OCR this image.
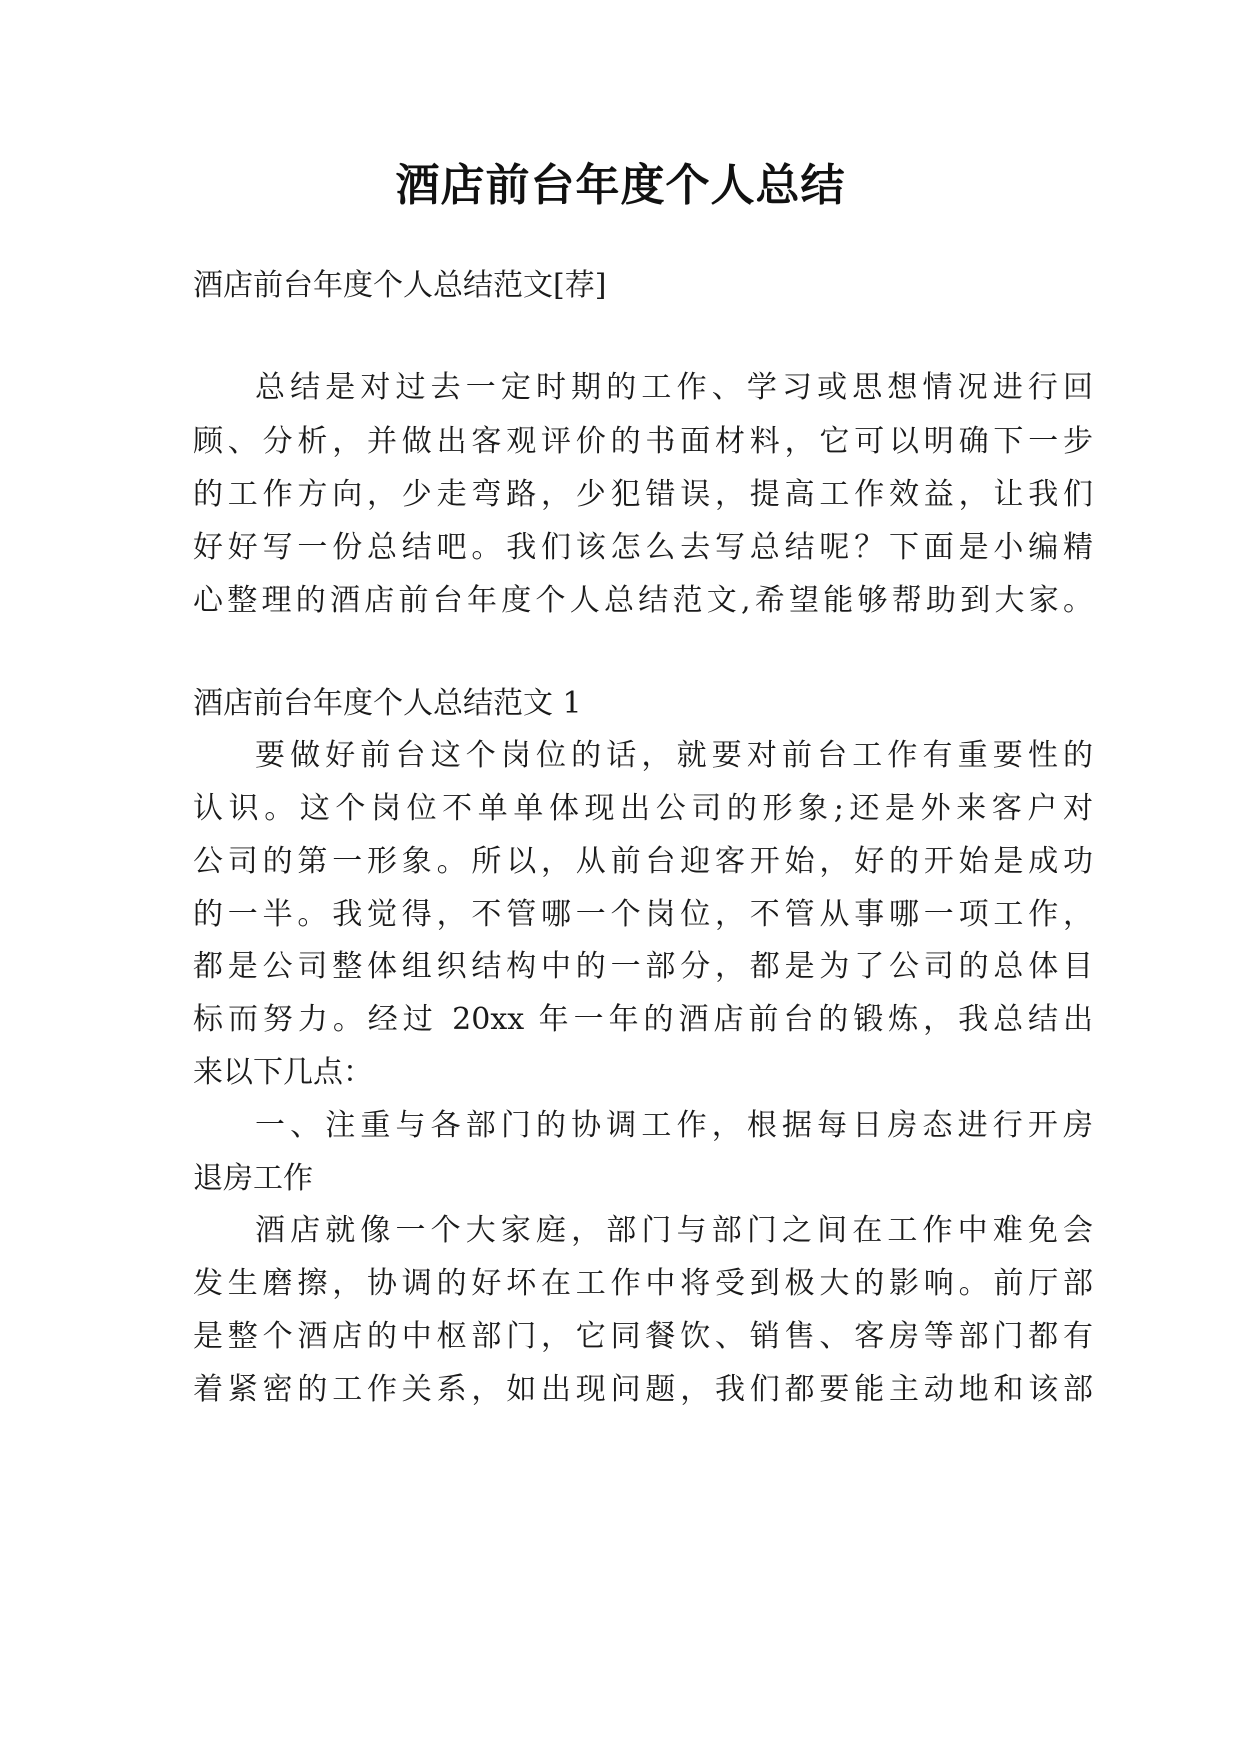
酒店前台年度个人总结
酒店前台年度个人总结范文[荐]
总结是对过去一定时期的工作、学习或思想情况进行回
顾、分析，并做出客观评价的书面材料，它可以明确下一步
的工作方向，少走弯路，少犯错误，提高工作效益，让我们
好好写一份总结吧。我们该怎么去写总结呢？下面是小编精
心整理的酒店前台年度个人总结范文,希望能够帮助到大家。
酒店前台年度个人总结范文 1
要做好前台这个岗位的话，就要对前台工作有重要性的
认识。这个岗位不单单体现出公司的形象;还是外来客户对
公司的第一形象。所以，从前台迎客开始，好的开始是成功
的一半。我觉得，不管哪一个岗位，不管从事哪一项工作，
都是公司整体组织结构中的一部分，都是为了公司的总体目
标而努力。经过 20xx 年一年的酒店前台的锻炼，我总结出
来以下几点：
一、注重与各部门的协调工作，根据每日房态进行开房
退房工作
酒店就像一个大家庭，部门与部门之间在工作中难免会
发生磨擦，协调的好坏在工作中将受到极大的影响。前厅部
是整个酒店的中枢部门，它同餐饮、销售、客房等部门都有
着紧密的工作关系，如出现问题，我们都要能主动地和该部
